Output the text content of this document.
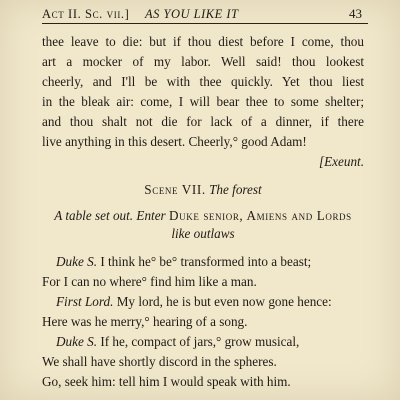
Act II. Sc. vii.] AS YOU LIKE IT	43
thee leave to die: but if thou diest before I come, thou
art a mocker of my labor. Well said! thou lookest
cheerly, and I'll be with thee quickly. Yet thou liest
in the bleak air: come, I will bear thee to some shelter;
and thou shalt not die for lack of a dinner, if there
live anything in this desert. Cheerly,° good Adam!
[Exeunt.
Scene VII. The forest
A table set out. Enter Duke senior, Amiens and Lords
like outlaws
Duke S. I think he° be° transformed into a beast;
For I can no where° find him like a man.
First Lord. My lord, he is but even now gone hence:
Here was he merry,° hearing of a song.
Duke S. If he, compact of jars,° grow musical,
We shall have shortly discord in the spheres.
Go, seek him: tell him I would speak with him.
